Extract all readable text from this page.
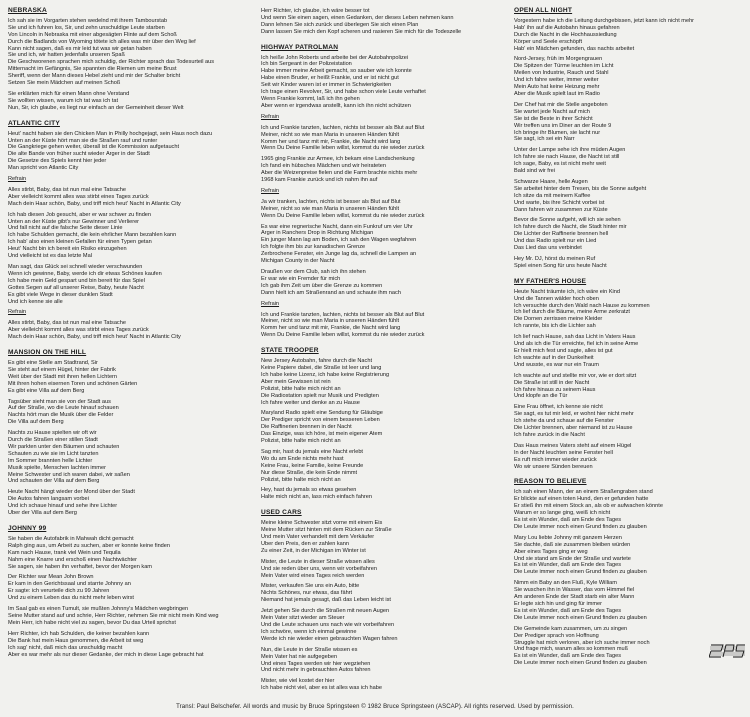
NEBRASKA

Ich sah sie im Vorgarten stehen wedelnd mit ihrem Tambourstab

Sie und ich fuhren los, Sir, und zehn unschuldige Leute starben

Von Lincoln in Nebraska mit einer abgesägten Flinte auf dem Schoß

Durch die Badlands von Wyoming tötete ich alles was mir über den Weg lief

Kann nicht sagen, daß es mir leid tut was wir getan haben

Sie und ich, wir hatten jedenfalls unseren Spaß

Die Geschworenen sprachen mich schuldig, der Richter sprach das Todesurteil aus

Mitternacht im Gefängnis, Sie spannten die Riemen um meine Brust

Sheriff, wenn der Mann dieses Hebel zieht und mir der Schalter bricht

Setzen Sie mein Mädchen auf meinen Schoß

Sie erklärten mich für einen Mann ohne Verstand

Sie wollten wissen, warum ich tat was ich tat

Nun, Sir, ich glaube, es liegt nur einfach an der Gemeinheit dieser Welt

ATLANTIC CITY

Heut' nacht haben sie den Chicken Man in Philly hochgejagt, sein Haus noch dazu

Unten an der Küste hört man sie die Straßen rauf und runter

Die Gangkriege gehen weiter, überall ist die Kommission aufgetaucht

Die alte Bande von früher sucht wieder Ärger in der Stadt

Die Gesetze des Spiels kennt hier jeder

Man spricht von Atlantic City

Refrain

Alles stirbt, Baby, das ist nun mal eine Tatsache

Aber vielleicht kommt alles was stirbt eines Tages zurück

Mach dein Haar schön, Baby, und triff mich heut' Nacht in Atlantic City

Ich hab diesen Job gesucht, aber er war schwer zu finden

Unten an der Küste gibt's nur Gewinner und Verlierer

Und fall nicht auf die falsche Seite dieser Linie

Ich habe Schulden gemacht, die kein ehrlicher Mann bezahlen kann

Ich hab' also einen kleinen Gefallen für einen Typen getan

Heut' Nacht bin ich bereit ein Risiko einzugehen

Und vielleicht ist es das letzte Mal

Man sagt, das Glück sei schnell wieder verschwunden

Wenn ich gewinne, Baby, werde ich dir etwas Schönes kaufen

Ich habe mein Geld gespart und bin bereit für das Spiel

Gottes Segen auf all unserer Reise, Baby, heute Nacht

Es gibt viele Wege in dieser dunklen Stadt

Und ich kenne sie alle

Refrain

Alles stirbt, Baby, das ist nun mal eine Tatsache

Aber vielleicht kommt alles was stirbt eines Tages zurück

Mach dein Haar schön, Baby, und triff mich heut' Nacht in Atlantic City

MANSION ON THE HILL

Es gibt eine Stelle am Stadtrand, Sir

Sie steht auf einem Hügel, hinter der Fabrik

Weit über der Stadt mit ihren hellen Lichtern

Mit ihren hohen eisernen Toren und schönen Gärten

Es gibt eine Villa auf dem Berg

Tagsüber sieht man sie von der Stadt aus

Auf der Straße, wo die Leute hinauf schauen

Nachts hört man die Musik über die Felder

Die Villa auf dem Berg

Nachts zu Hause spielten wir oft wir

Durch die Straßen einer stillen Stadt

Wir parkten unter den Bäumen und schauten

Schauten zu wie sie im Licht tanzten

Im Sommer brannten helle Lichter

Musik spielte, Menschen lachten immer

Meine Schwester und ich waren dabei, wir saßen

Und schauten der Villa auf dem Berg

Heute Nacht hängt wieder der Mond über der Stadt

Die Autos fahren langsam vorbei

Und ich schaue hinauf und sehe ihre Lichter

Über der Villa auf dem Berg

JOHNNY 99

Sie haben die Autofabrik in Mahwah dicht gemacht

Ralph ging aus, um Arbeit zu suchen, aber er konnte keine finden

Kam nach Hause, trank viel Wein und Tequila

Nahm eine Knarre und erschoß einen Nachtwächter

Sie sagen, sie haben ihn verhaftet, bevor der Morgen kam

Der Richter war Mean John Brown

Er kam in den Gerichtssaal und starrte Johnny an

Er sagte: ich verurteile dich zu 99 Jahren

Und zu einem Leben das du nicht mehr leben wirst

Im Saal gab es einen Tumult, sie mußten Johnny's Mädchen wegbringen

Seine Mutter stand auf und schrie, Herr Richter, nehmen Sie mir nicht mein Kind weg

Mein Herr, ich habe nicht viel zu sagen, bevor Du das Urteil sprichst

Herr Richter, ich hab Schulden, die keiner bezahlen kann

Die Bank hat mein Haus genommen, die Arbeit ist weg

Ich sag' nicht, daß mich das unschuldig macht

Aber es war mehr als nur dieser Gedanke, der mich in diese Lage gebracht hat

Herr Richter, ich glaube, ich wäre besser tot

Und wenn Sie einen sagen, einen Gedanken, der dieses Leben nehmen kann

Dann lehnen Sie sich zurück und überlegen Sie sich einen Plan

Dann lassen Sie mich den Kopf scheren und rasieren Sie mich für die Todeszelle

HIGHWAY PATROLMAN

Ich heiße John Roberts und arbeite bei der Autobahnpolizei

Ich bin Sergeant in der Polizeistation

Habe immer meine Arbeit gemacht, so sauber wie ich konnte

Habe einen Bruder, er heißt Frankie, und er ist nicht gut

Seit wir Kinder waren ist er immer in Schwierigkeiten

Ich trage einen Revolver, Sir, und habe schon viele Leute verhaftet

Wenn Frankie kommt, laß ich ihn gehen

Aber wenn er irgendwas anstellt, kann ich ihn nicht schützen

Refrain

Ich und Frankie tanzten, lachten, nichts ist besser als Blut auf Blut

Meiner, nicht so wie man Maria in unseren Händen fühlt

Komm her und tanz mit mir, Frankie, die Nacht wird lang

Wenn Du Deine Familie leben willst, kommst du nie wieder zurück

1965 ging Frankie zur Armee, ich bekam eine Landschenkung

Ich fand ein hübsches Mädchen und wir heirateten

Aber die Weizenpreise fielen und die Farm brachte nichts mehr

1968 kam Frankie zurück und ich nahm ihn auf

Refrain

Ja wir tranken, lachten, nichts ist besser als Blut auf Blut

Meiner, nicht so wie man Maria in unseren Händen fühlt

Wenn Du Deine Familie leben willst, kommst du nie wieder zurück

Es war eine regnerische Nacht, dann ein Funkruf um vier Uhr

Ärger in Ranchers Drop in Richtung Michigan

Ein junger Mann lag am Boden, ich sah den Wagen wegfahren

Ich folgte ihm bis zur kanadischen Grenze

Zerbrochene Fenster, ein Junge lag da, schnell die Lampen an

Michigan County in der Nacht

Draußen vor dem Club, sah ich ihn stehen

Er war wie ein Fremder für mich

Ich gab ihm Zeit um über die Grenze zu kommen

Dann hielt ich am Straßenrand an und schaute ihm nach

Refrain

Ich und Frankie tanzten, lachten, nichts ist besser als Blut auf Blut

Meiner, nicht so wie man Maria in unseren Händen fühlt

Komm her und tanz mit mir, Frankie, die Nacht wird lang

Wenn Du Deine Familie leben willst, kommst du nie wieder zurück

STATE TROOPER

New Jersey Autobahn, fahre durch die Nacht

Keine Papiere dabei, die Straße ist leer und lang

Ich habe keine Lizenz, ich habe keine Registrierung

Aber mein Gewissen ist rein

Polizist, bitte halte mich nicht an

Die Radiostation spielt nur Musik und Predigten

Ich fahre weiter und denke an zu Hause

Maryland Radio spielt eine Sendung für Gläubige

Der Prediger spricht von einem besseren Leben

Die Raffinerien brennen in der Nacht

Das Einzige, was ich höre, ist mein eigener Atem

Polizist, bitte halte mich nicht an

Sag mir, hast du jemals eine Nacht erlebt

Wo du am Ende nichts mehr hast

Keine Frau, keine Familie, keine Freunde

Nur diese Straße, die kein Ende nimmt

Polizist, bitte halte mich nicht an

Hey, hast du jemals so etwas gesehen

Halte mich nicht an, lass mich einfach fahren

USED CARS

Meine kleine Schwester sitzt vorne mit einem Eis

Meine Mutter sitzt hinten mit dem Rücken zur Straße

Und mein Vater verhandelt mit dem Verkäufer

Über den Preis, den er zahlen kann

Zu einer Zeit, in der Michigan im Winter ist

Mister, die Leute in dieser Straße wissen alles

Und sie reden über uns, wenn wir vorbeifahren

Mein Vater wird eines Tages reich werden

Mister, verkaufen Sie uns ein Auto, bitte

Nichts Schönes, nur etwas, das fährt

Niemand hat jemals gesagt, daß das Leben leicht ist

Jetzt gehen Sie durch die Straßen mit neuen Augen

Mein Vater sitzt wieder am Steuer

Und die Leute schauen uns nach wie wir vorbeifahren

Ich schwöre, wenn ich einmal gewinne

Werde ich nie wieder einen gebrauchten Wagen fahren

Nun, die Leute in der Straße wissen es

Mein Vater hat nie aufgegeben

Und eines Tages werden wir hier wegziehen

Und nicht mehr in gebrauchten Autos fahren

Mister, wie viel kostet der hier

Ich habe nicht viel, aber es ist alles was ich habe

OPEN ALL NIGHT

Vorgestern habe ich die Leitung durchgebissen, jetzt kann ich nicht mehr

Hab' ihn auf die Autobahn hinaus gefahren

Durch die Nacht in die Hochhaussiedlung

Körper und Seele erschöpft

Hab' ein Mädchen gefunden, das nachts arbeitet

Nord-Jersey, früh im Morgengrauen

Die Spitzen der Türme leuchten im Licht

Meilen von Industrie, Rauch und Stahl

Und ich fahre weiter, immer weiter

Mein Auto hat keine Heizung mehr

Aber die Musik spielt laut im Radio

Der Chef hat mir die Stelle angeboten

Sie wartet jede Nacht auf mich

Sie ist die Beste in ihrer Schicht

Wir treffen uns im Diner an der Route 9

Ich bringe ihr Blumen, sie lacht nur

Sie sagt, ich sei ein Narr

Unter der Lampe sehe ich ihre müden Augen

Ich fahre sie nach Hause, die Nacht ist still

Ich sage, Baby, es ist nicht mehr weit

Bald sind wir frei

Schwarze Haare, helle Augen

Sie arbeitet hinter dem Tresen, bis die Sonne aufgeht

Ich sitze da mit meinem Kaffee

Und warte, bis ihre Schicht vorbei ist

Dann fahren wir zusammen zur Küste

Bevor die Sonne aufgeht, will ich sie sehen

Ich fahre durch die Nacht, die Stadt hinter mir

Die Lichter der Raffinerie brennen hell

Und das Radio spielt nur ein Lied

Das Lied das uns verbindet

Hey Mr. DJ, hörst du meinen Ruf

Spiel einen Song für uns heute Nacht

MY FATHER'S HOUSE

Heute Nacht träumte ich, ich wäre ein Kind

Und die Tannen wälder hoch oben

Ich versuchte durch den Wald nach Hause zu kommen

Ich lief durch die Bäume, meine Arme zerkratzt

Die Dornen zerrissen meine Kleider

Ich rannte, bis ich die Lichter sah

Ich lief nach Hause, sah das Licht in Vaters Haus

Und als ich die Tür erreichte, fiel ich in seine Arme

Er hielt mich fest und sagte, alles ist gut

Ich wachte auf in der Dunkelheit

Und wusste, es war nur ein Traum

Ich wachte auf und stellte mir vor, wie er dort sitzt

Die Straße ist still in der Nacht

Ich fahre hinaus zu seinem Haus

Und klopfe an die Tür

Eine Frau öffnet, ich kenne sie nicht

Sie sagt, es tut mir leid, er wohnt hier nicht mehr

Ich stehe da und schaue auf die Fenster

Die Lichter brennen, aber niemand ist zu Hause

Ich fahre zurück in die Nacht

Das Haus meines Vaters steht auf einem Hügel

In der Nacht leuchten seine Fenster hell

Es ruft mich immer wieder zurück

Wo wir unsere Sünden bereuen

REASON TO BELIEVE

Ich sah einen Mann, der an einem Straßengraben stand

Er blickte auf einen toten Hund, den er gefunden hatte

Er stieß ihn mit einem Stock an, als ob er aufwachen könnte

Warum er so lange ging, weiß ich nicht

Es ist ein Wunder, daß am Ende des Tages

Die Leute immer noch einen Grund finden zu glauben

Mary Lou liebte Johnny mit ganzem Herzen

Sie dachte, daß sie zusammen bleiben würden

Aber eines Tages ging er weg

Und sie stand am Ende der Straße und wartete

Es ist ein Wunder, daß am Ende des Tages

Die Leute immer noch einen Grund finden zu glauben

Nimm ein Baby an den Fluß, Kyle William

Sie wuschen ihn in Wasser, das vom Himmel fiel

Am anderen Ende der Stadt starb ein alter Mann

Er legte sich hin und ging für immer

Es ist ein Wunder, daß am Ende des Tages

Die Leute immer noch einen Grund finden zu glauben

Die Gemeinde kam zusammen, um zu singen

Der Prediger sprach von Hoffnung

Struggle hat mich verloren, aber ich suche immer noch

Und frage mich, warum alles so kommen muß

Es ist ein Wunder, daß am Ende des Tages

Die Leute immer noch einen Grund finden zu glauben

Transl: Paul Belschefer. All words and music by Bruce Springsteen © 1982 Bruce Springsteen (ASCAP). All rights reserved. Used by permission.
